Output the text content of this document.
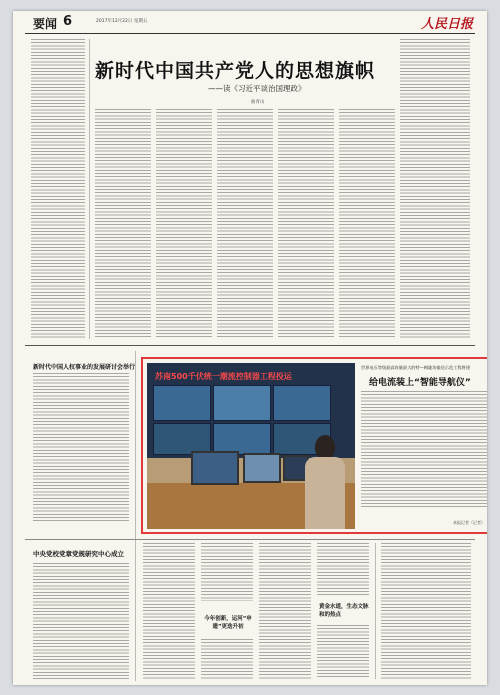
要闻 6	2017年12月22日 星期五	人民日报
新时代中国共产党人的思想旗帜
——读《习近平谈治国理政》
曲青山
新时代中国人权事业的发展研讨会举行
苏南500千伏统一潮流控制器工程投运
世界电压等级最高容量最大的特—梅陇坊输送示范工程将建
给电流装上“智能导航仪”
本报记者（记者）
中央党校党章党规研究中心成立
今年创新，运河“申遗”更迭升初
黄金水道，生态文脉和的热点
